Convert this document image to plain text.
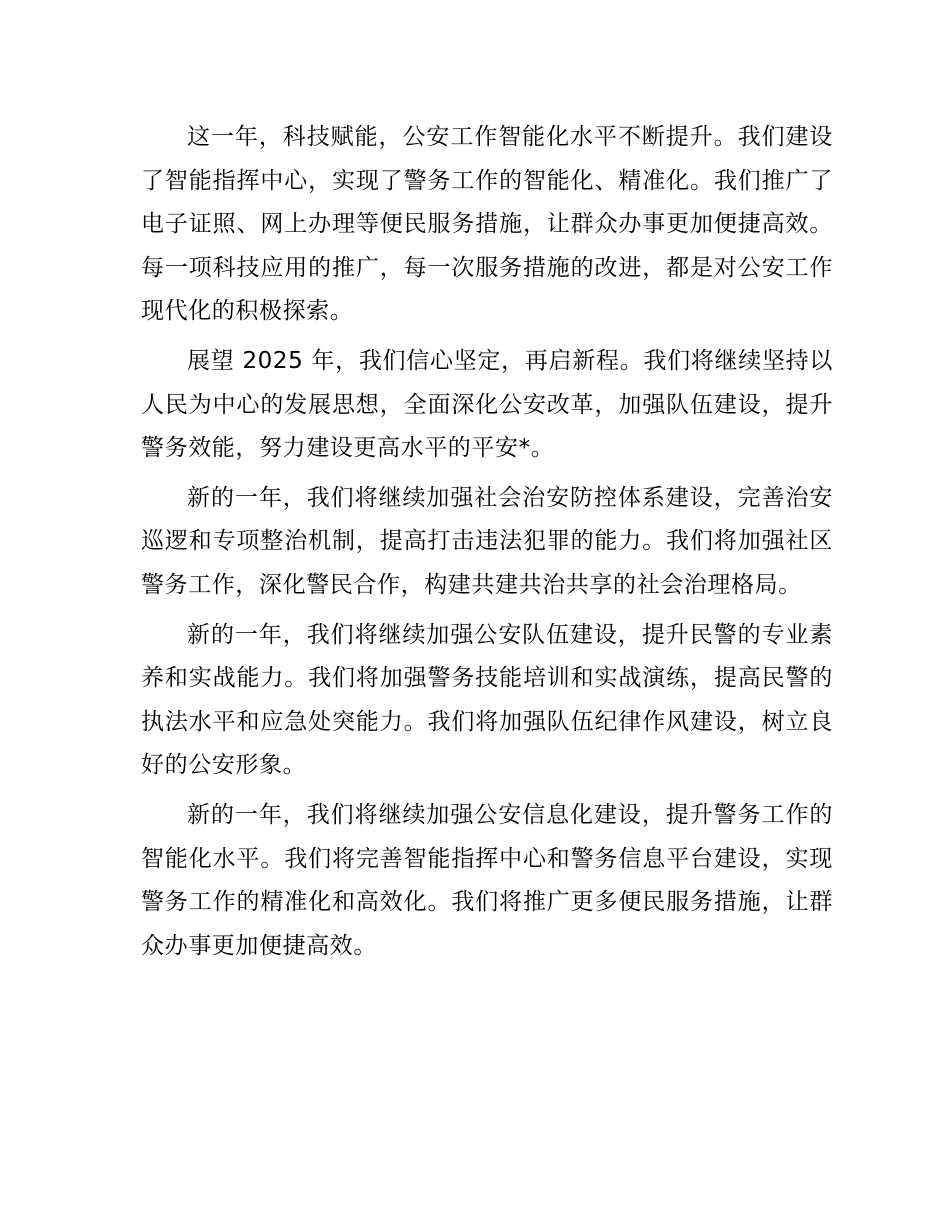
这一年，科技赋能，公安工作智能化水平不断提升。我们建设了智能指挥中心，实现了警务工作的智能化、精准化。我们推广了电子证照、网上办理等便民服务措施，让群众办事更加便捷高效。每一项科技应用的推广，每一次服务措施的改进，都是对公安工作现代化的积极探索。

展望 2025 年，我们信心坚定，再启新程。我们将继续坚持以人民为中心的发展思想，全面深化公安改革，加强队伍建设，提升警务效能，努力建设更高水平的平安*。

新的一年，我们将继续加强社会治安防控体系建设，完善治安巡逻和专项整治机制，提高打击违法犯罪的能力。我们将加强社区警务工作，深化警民合作，构建共建共治共享的社会治理格局。

新的一年，我们将继续加强公安队伍建设，提升民警的专业素养和实战能力。我们将加强警务技能培训和实战演练，提高民警的执法水平和应急处突能力。我们将加强队伍纪律作风建设，树立良好的公安形象。

新的一年，我们将继续加强公安信息化建设，提升警务工作的智能化水平。我们将完善智能指挥中心和警务信息平台建设，实现警务工作的精准化和高效化。我们将推广更多便民服务措施，让群众办事更加便捷高效。
